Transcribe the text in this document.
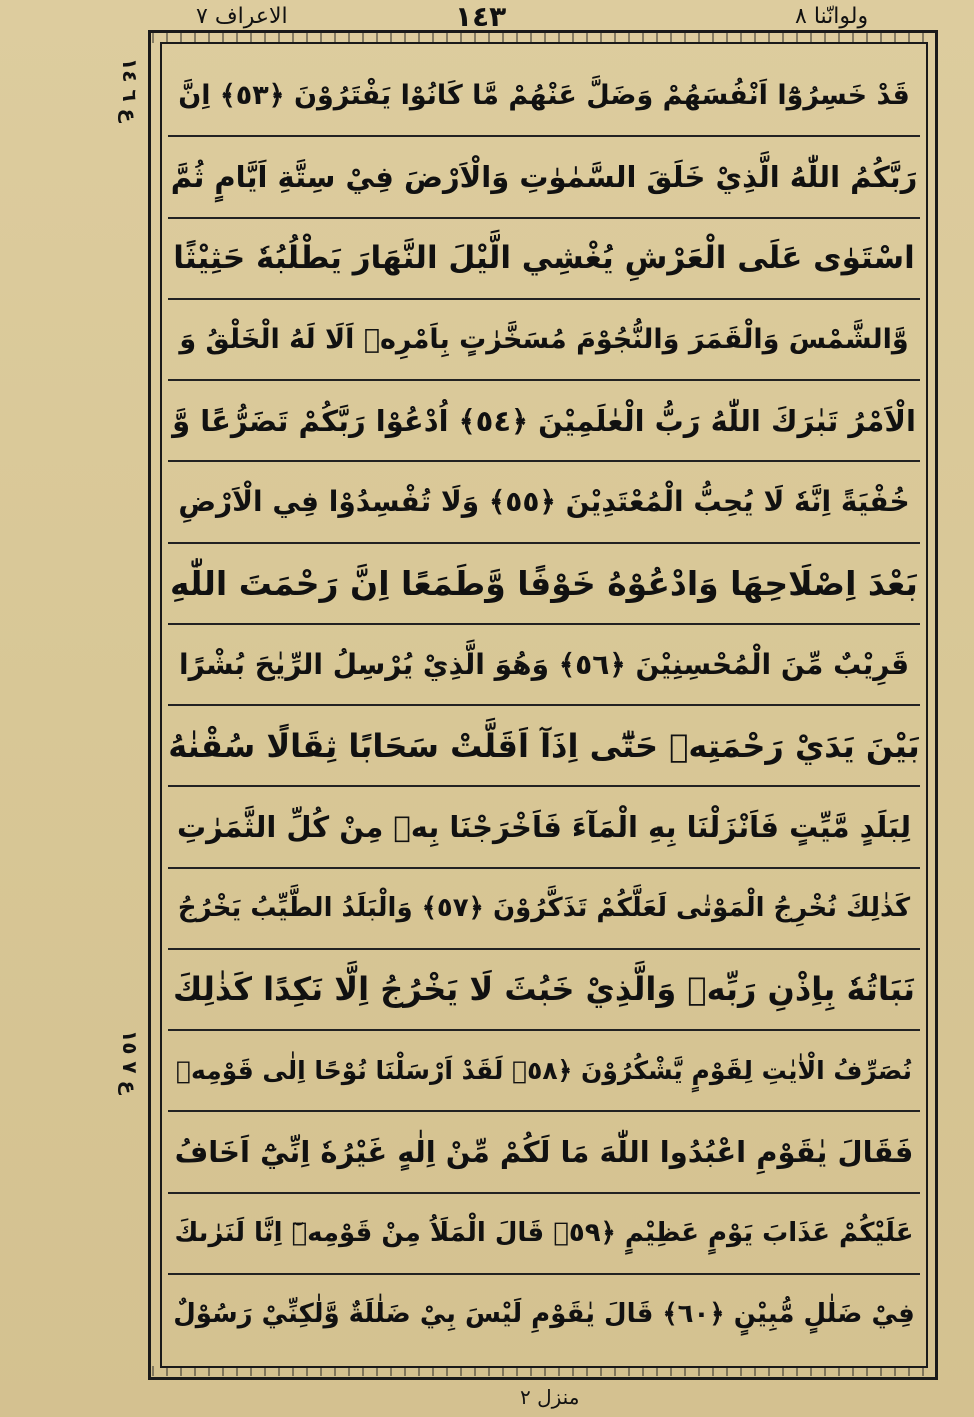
ولوانّنا ٨
١٤٣
الاعراف ٧
ع ٦ ١٤
ع ٧ ١٥
قَدْ خَسِرُوْٓا اَنْفُسَهُمْ وَضَلَّ عَنْهُمْ مَّا كَانُوْا يَفْتَرُوْنَ ﴿٥٣﴾ اِنَّ
رَبَّكُمُ اللّٰهُ الَّذِيْ خَلَقَ السَّمٰوٰتِ وَالْاَرْضَ فِيْ سِتَّةِ اَيَّامٍ ثُمَّ
اسْتَوٰى عَلَى الْعَرْشِ يُغْشِي الَّيْلَ النَّهَارَ يَطْلُبُهٗ حَثِيْثًا
وَّالشَّمْسَ وَالْقَمَرَ وَالنُّجُوْمَ مُسَخَّرٰتٍ بِاَمْرِهٖ اَلَا لَهُ الْخَلْقُ وَ
الْاَمْرُ تَبٰرَكَ اللّٰهُ رَبُّ الْعٰلَمِيْنَ ﴿٥٤﴾ اُدْعُوْا رَبَّكُمْ تَضَرُّعًا وَّ
خُفْيَةً اِنَّهٗ لَا يُحِبُّ الْمُعْتَدِيْنَ ﴿٥٥﴾ وَلَا تُفْسِدُوْا فِي الْاَرْضِ
بَعْدَ اِصْلَاحِهَا وَادْعُوْهُ خَوْفًا وَّطَمَعًا اِنَّ رَحْمَتَ اللّٰهِ
قَرِيْبٌ مِّنَ الْمُحْسِنِيْنَ ﴿٥٦﴾ وَهُوَ الَّذِيْ يُرْسِلُ الرِّيٰحَ بُشْرًا
بَيْنَ يَدَيْ رَحْمَتِهٖ حَتّٰٓى اِذَآ اَقَلَّتْ سَحَابًا ثِقَالًا سُقْنٰهُ
لِبَلَدٍ مَّيِّتٍ فَاَنْزَلْنَا بِهِ الْمَآءَ فَاَخْرَجْنَا بِهٖ مِنْ كُلِّ الثَّمَرٰتِ
كَذٰلِكَ نُخْرِجُ الْمَوْتٰى لَعَلَّكُمْ تَذَكَّرُوْنَ ﴿٥٧﴾ وَالْبَلَدُ الطَّيِّبُ يَخْرُجُ
نَبَاتُهٗ بِاِذْنِ رَبِّهٖ وَالَّذِيْ خَبُثَ لَا يَخْرُجُ اِلَّا نَكِدًا كَذٰلِكَ
نُصَرِّفُ الْاٰيٰتِ لِقَوْمٍ يَّشْكُرُوْنَ ﴿٥٨﴾ لَقَدْ اَرْسَلْنَا نُوْحًا اِلٰى قَوْمِهٖ
فَقَالَ يٰقَوْمِ اعْبُدُوا اللّٰهَ مَا لَكُمْ مِّنْ اِلٰهٍ غَيْرُهٗ اِنِّيْٓ اَخَافُ
عَلَيْكُمْ عَذَابَ يَوْمٍ عَظِيْمٍ ﴿٥٩﴾ قَالَ الْمَلَاُ مِنْ قَوْمِهٖٓ اِنَّا لَنَرٰىكَ
فِيْ ضَلٰلٍ مُّبِيْنٍ ﴿٦٠﴾ قَالَ يٰقَوْمِ لَيْسَ بِيْ ضَلٰلَةٌ وَّلٰكِنِّيْ رَسُوْلٌ
منزل ٢
